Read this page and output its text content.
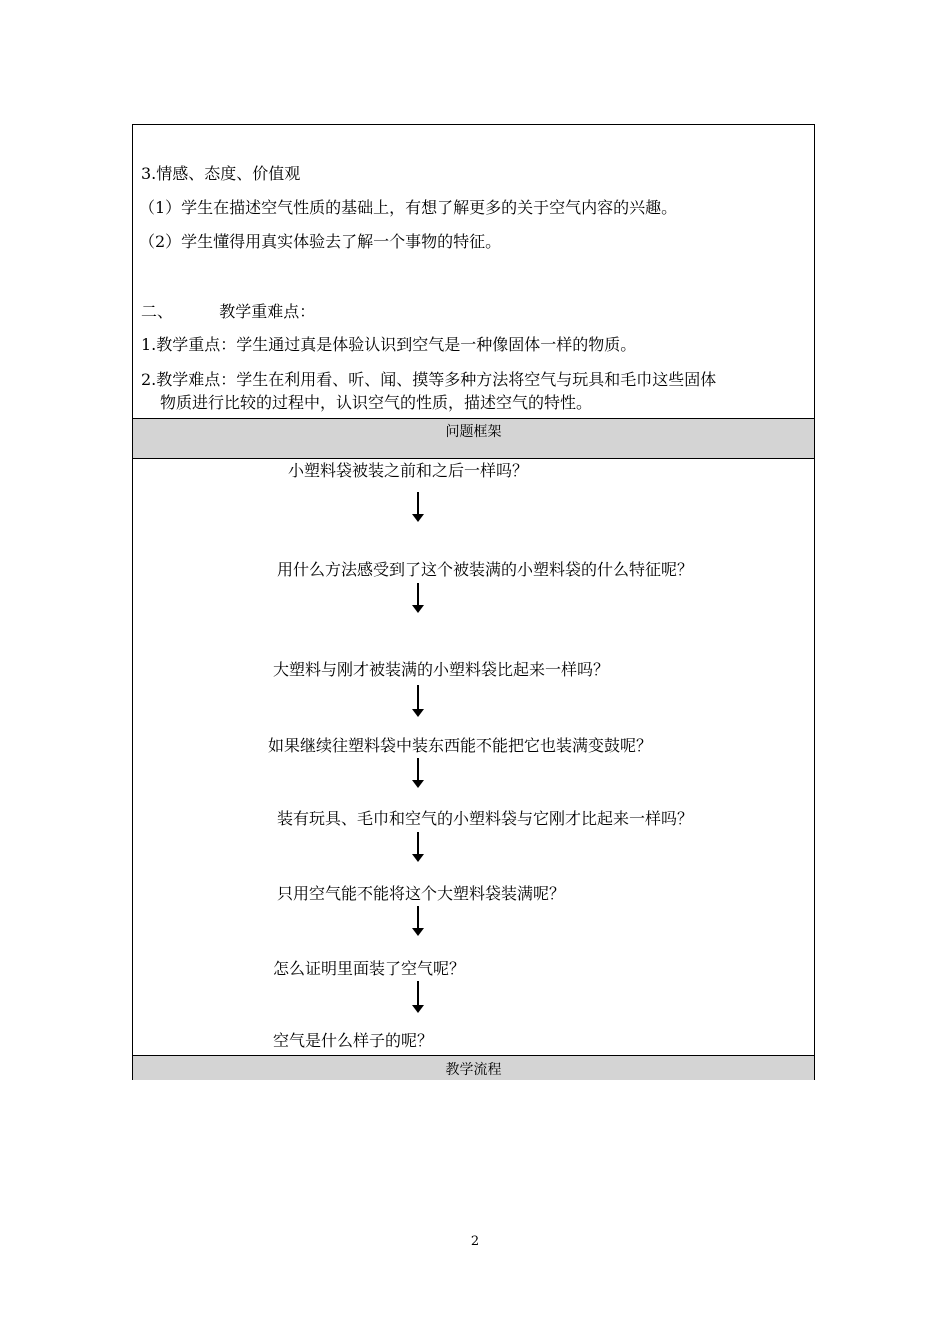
3.情感、态度、价值观
（1）学生在描述空气性质的基础上，有想了解更多的关于空气内容的兴趣。
（2）学生懂得用真实体验去了解一个事物的特征。
二、	教学重难点：
1.教学重点：学生通过真是体验认识到空气是一种像固体一样的物质。
2.教学难点：学生在利用看、听、闻、摸等多种方法将空气与玩具和毛巾这些固体
物质进行比较的过程中，认识空气的性质，描述空气的特性。
问题框架
小塑料袋被装之前和之后一样吗？
用什么方法感受到了这个被装满的小塑料袋的什么特征呢？
大塑料与刚才被装满的小塑料袋比起来一样吗？
如果继续往塑料袋中装东西能不能把它也装满变鼓呢？
装有玩具、毛巾和空气的小塑料袋与它刚才比起来一样吗？
只用空气能不能将这个大塑料袋装满呢？
怎么证明里面装了空气呢？
空气是什么样子的呢？
教学流程
2
